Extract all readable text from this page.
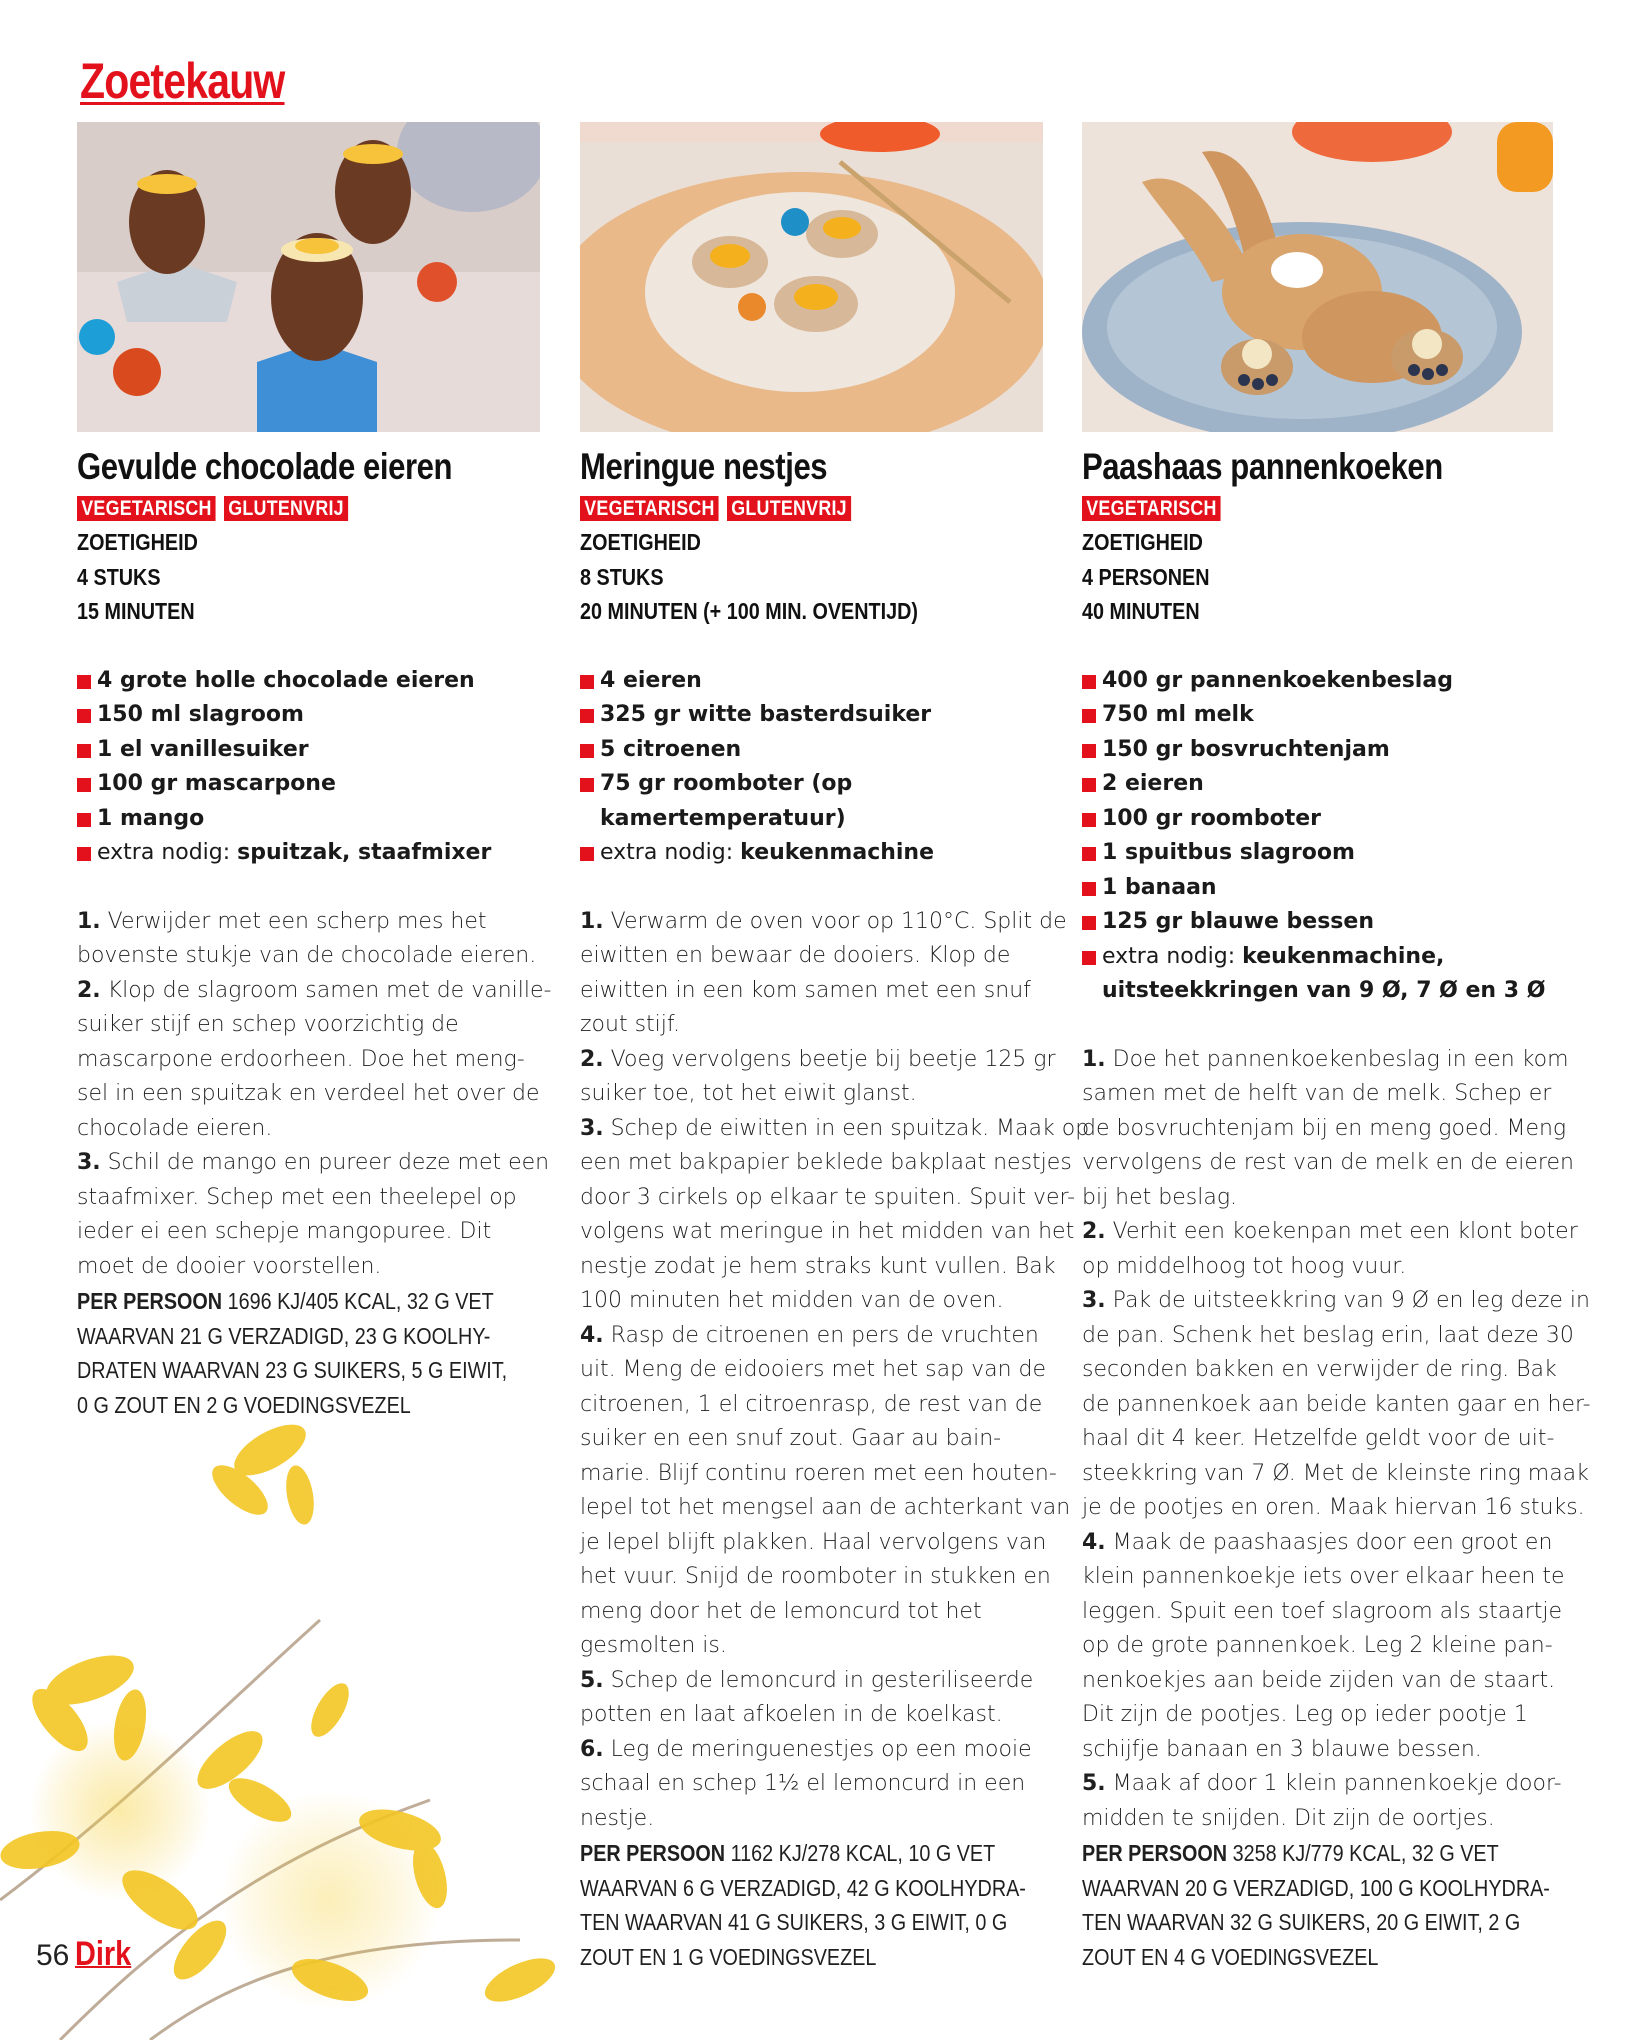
Zoetekauw
Gevulde chocolade eieren
VEGETARISCH GLUTENVRIJ
ZOETIGHEID
4 STUKS
15 MINUTEN
4 grote holle chocolade eieren
150 ml slagroom
1 el vanillesuiker
100 gr mascarpone
1 mango
extra nodig: spuitzak, staafmixer
1. Verwijder met een scherp mes het
bovenste stukje van de chocolade eieren.
2. Klop de slagroom samen met de vanille-
suiker stijf en schep voorzichtig de
mascarpone erdoorheen. Doe het meng-
sel in een spuitzak en verdeel het over de
chocolade eieren.
3. Schil de mango en pureer deze met een
staafmixer. Schep met een theelepel op
ieder ei een schepje mangopuree. Dit
moet de dooier voorstellen.
PER PERSOON 1696 KJ/405 KCAL, 32 G VET
WAARVAN 21 G VERZADIGD, 23 G KOOLHY-
DRATEN WAARVAN 23 G SUIKERS, 5 G EIWIT,
0 G ZOUT EN 2 G VOEDINGSVEZEL
Meringue nestjes
VEGETARISCH GLUTENVRIJ
ZOETIGHEID
8 STUKS
20 MINUTEN (+ 100 MIN. OVENTIJD)
4 eieren
325 gr witte basterdsuiker
5 citroenen
75 gr roomboter (op
kamertemperatuur)
extra nodig: keukenmachine
1. Verwarm de oven voor op 110°C. Split de
eiwitten en bewaar de dooiers. Klop de
eiwitten in een kom samen met een snuf
zout stijf.
2. Voeg vervolgens beetje bij beetje 125 gr
suiker toe, tot het eiwit glanst.
3. Schep de eiwitten in een spuitzak. Maak op
een met bakpapier beklede bakplaat nestjes
door 3 cirkels op elkaar te spuiten. Spuit ver-
volgens wat meringue in het midden van het
nestje zodat je hem straks kunt vullen. Bak
100 minuten het midden van de oven.
4. Rasp de citroenen en pers de vruchten
uit. Meng de eidooiers met het sap van de
citroenen, 1 el citroenrasp, de rest van de
suiker en een snuf zout. Gaar au bain-
marie. Blijf continu roeren met een houten-
lepel tot het mengsel aan de achterkant van
je lepel blijft plakken. Haal vervolgens van
het vuur. Snijd de roomboter in stukken en
meng door het de lemoncurd tot het
gesmolten is.
5. Schep de lemoncurd in gesteriliseerde
potten en laat afkoelen in de koelkast.
6. Leg de meringuenestjes op een mooie
schaal en schep 1½ el lemoncurd in een
nestje.
PER PERSOON 1162 KJ/278 KCAL, 10 G VET
WAARVAN 6 G VERZADIGD, 42 G KOOLHYDRA-
TEN WAARVAN 41 G SUIKERS, 3 G EIWIT, 0 G
ZOUT EN 1 G VOEDINGSVEZEL
Paashaas pannenkoeken
VEGETARISCH
ZOETIGHEID
4 PERSONEN
40 MINUTEN
400 gr pannenkoekenbeslag
750 ml melk
150 gr bosvruchtenjam
2 eieren
100 gr roomboter
1 spuitbus slagroom
1 banaan
125 gr blauwe bessen
extra nodig: keukenmachine,
uitsteekkringen van 9 Ø, 7 Ø en 3 Ø
1. Doe het pannenkoekenbeslag in een kom
samen met de helft van de melk. Schep er
de bosvruchtenjam bij en meng goed. Meng
vervolgens de rest van de melk en de eieren
bij het beslag.
2. Verhit een koekenpan met een klont boter
op middelhoog tot hoog vuur.
3. Pak de uitsteekkring van 9 Ø en leg deze in
de pan. Schenk het beslag erin, laat deze 30
seconden bakken en verwijder de ring. Bak
de pannenkoek aan beide kanten gaar en her-
haal dit 4 keer. Hetzelfde geldt voor de uit-
steekkring van 7 Ø. Met de kleinste ring maak
je de pootjes en oren. Maak hiervan 16 stuks.
4. Maak de paashaasjes door een groot en
klein pannenkoekje iets over elkaar heen te
leggen. Spuit een toef slagroom als staartje
op de grote pannenkoek. Leg 2 kleine pan-
nenkoekjes aan beide zijden van de staart.
Dit zijn de pootjes. Leg op ieder pootje 1
schijfje banaan en 3 blauwe bessen.
5. Maak af door 1 klein pannenkoekje door-
midden te snijden. Dit zijn de oortjes.
PER PERSOON 3258 KJ/779 KCAL, 32 G VET
WAARVAN 20 G VERZADIGD, 100 G KOOLHYDRA-
TEN WAARVAN 32 G SUIKERS, 20 G EIWIT, 2 G
ZOUT EN 4 G VOEDINGSVEZEL
56 Dirk
